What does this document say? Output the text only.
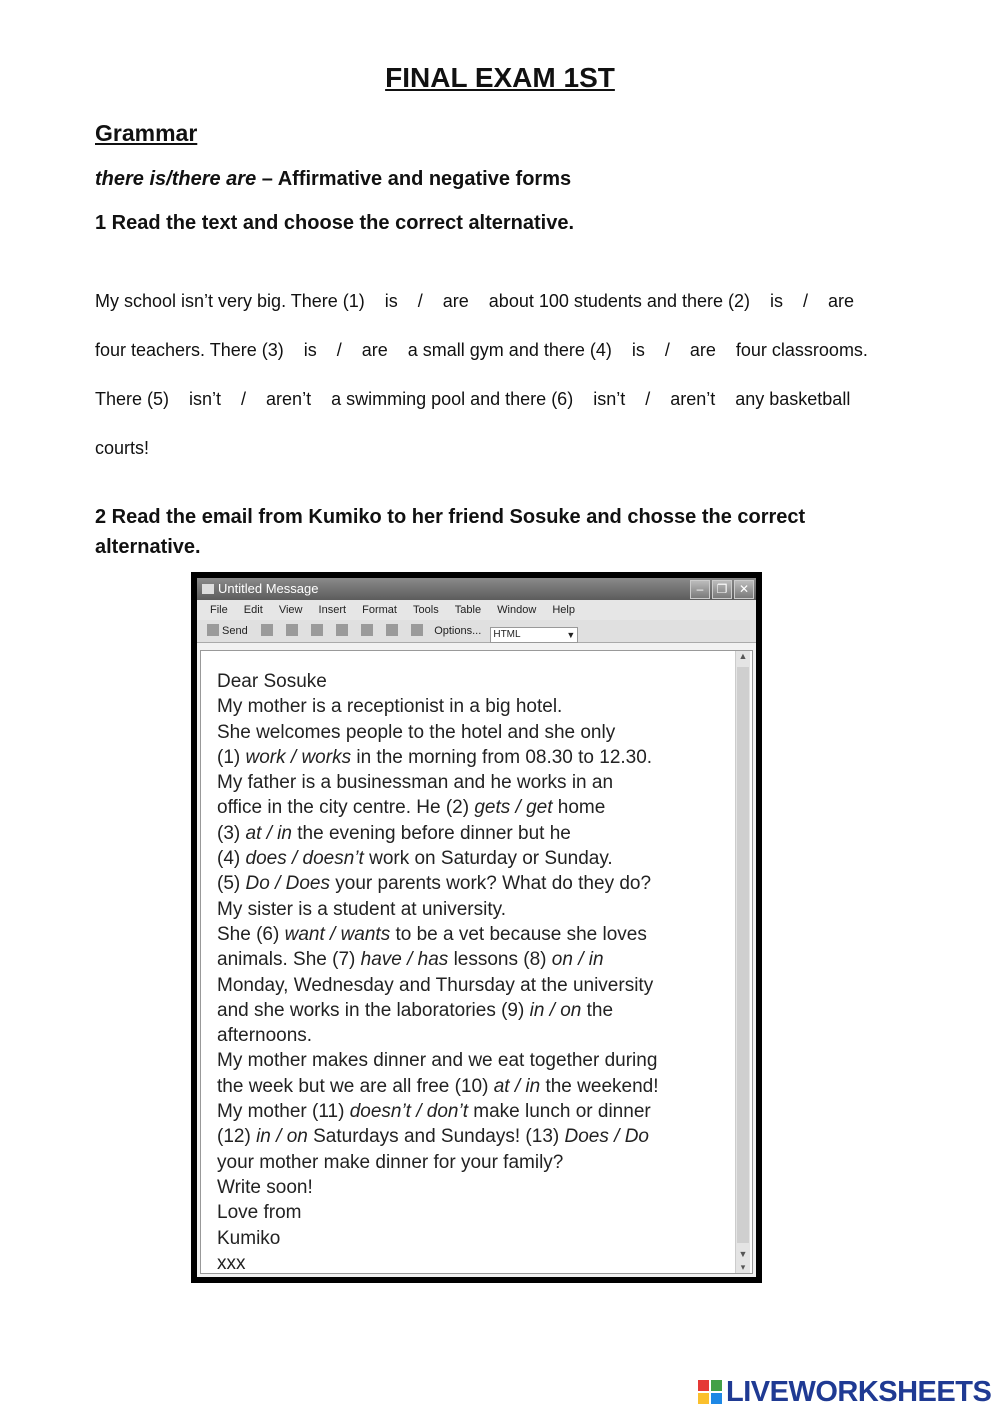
FINAL EXAM 1ST
Grammar
there is/there are – Affirmative and negative forms
1 Read the text and choose the correct alternative.
My school isn’t very big. There (1)    is    /    are    about 100 students and there (2)    is    /    are
four teachers. There (3)    is    /    are    a small gym and there (4)    is    /    are    four classrooms.
There (5)    isn’t    /    aren’t    a swimming pool and there (6)    isn’t    /    aren’t    any basketball
courts!
2 Read the email from Kumiko to her friend Sosuke and chosse the correct alternative.
Untitled Message	–	❐ ✕
File Edit View Insert Format Tools Table Window Help
Send	Options... HTML	▼
Dear Sosuke
My mother is a receptionist in a big hotel.
She welcomes people to the hotel and she only
(1) work / works in the morning from 08.30 to 12.30.
My father is a businessman and he works in an
office in the city centre. He (2) gets / get home
(3) at / in the evening before dinner but he
(4) does / doesn’t work on Saturday or Sunday.
(5) Do / Does your parents work? What do they do?
My sister is a student at university.
She (6) want / wants to be a vet because she loves
animals. She (7) have / has lessons (8) on / in
Monday, Wednesday and Thursday at the university
and she works in the laboratories (9) in / on the
afternoons.
My mother makes dinner and we eat together during
the week but we are all free (10) at / in the weekend!
My mother (11) doesn’t / don’t make lunch or dinner
(12) in / on Saturdays and Sundays! (13) Does / Do
your mother make dinner for your family?
Write soon!
Love from
Kumiko
xxx
▲
▼
▾
LIVEWORKSHEETS
